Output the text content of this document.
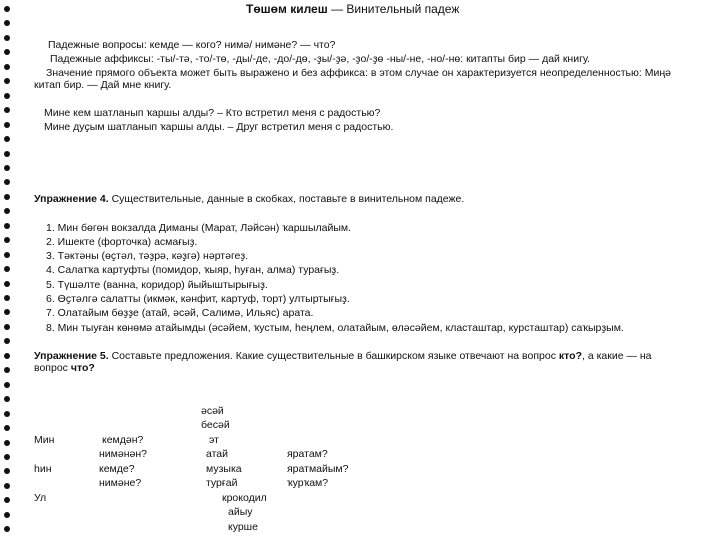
Төшөм килеш — Винительный падеж
Падежные вопросы: кемде — кого? нимә/ нимәне? — что?
Падежные аффиксы: -ты/-тә, -то/-тө, -ды/-де, -до/-дө, -ҙы/-ҙә, -ҙо/-ҙө -ны/-не, -но/-нө: китапты бир — дай книгу.
Значение прямого объекта может быть выражено и без аффикса: в этом случае он характеризуется неопределенностью: Миңә
китап бир. — Дай мне книгу.
Мине кем шатланып ҡаршы алды? – Кто встретил меня с радостью?
Мине дуҫым шатланып ҡаршы алды. – Друг встретил меня с радостью.
Упражнение 4. Существительные, данные в скобках, поставьте в винительном падеже.
1. Мин бөгөн вокзалда Диманы (Марат, Ләйсән) ҡаршылайым.
2. Ишекте (форточка) асмағыҙ.
3. Тәктәны (өҫтәл, тәҙрә, кәҙгә) нәртәгеҙ.
4. Салатҡа картуфты (помидор, ҡыяр, һуған, алма) турағыҙ.
5. Түшәлте (ванна, коридор) йыйыштырығыҙ.
6. Өҫтәлгә салатты (икмәк, кәнфит, картуф, торт) ултыртығыҙ.
7. Олатайым бөҙҙе (атай, әсәй, Салимә, Ильяс) арата.
8. Мин тыуған көнөмә атайымды (әсәйем, ҡустым, һеңлем, олатайым, өләсәйем, класташтар, курсташтар) саҡырҙым.
Упражнение 5. Составьте предложения. Какие существительные в башкирском языке отвечают на вопрос кто?, а какие — на
вопрос что?
Мин
һин
Ул
кемдән?
нимәнән?
кемде?
нимәне?
әсәй
бесәй
эт
атай
музыка
турғай
крокодил
айыу
курше
яратам?
яратмайым?
ҡурҡам?
